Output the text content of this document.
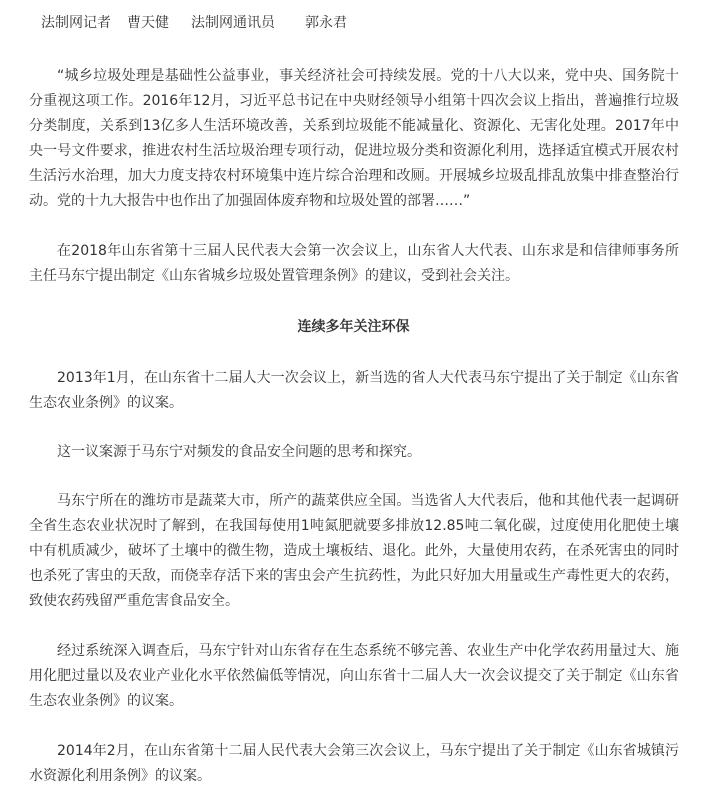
法制网记者 曹天健 法制网通讯员 郭永君

“城乡垃圾处理是基础性公益事业，事关经济社会可持续发展。党的十八大以来，党中央、国务院十分重视这项工作。2016年12月，习近平总书记在中央财经领导小组第十四次会议上指出，普遍推行垃圾分类制度，关系到13亿多人生活环境改善，关系到垃圾能不能减量化、资源化、无害化处理。2017年中央一号文件要求，推进农村生活垃圾治理专项行动，促进垃圾分类和资源化利用，选择适宜模式开展农村生活污水治理，加大力度支持农村环境集中连片综合治理和改厕。开展城乡垃圾乱排乱放集中排查整治行动。党的十九大报告中也作出了加强固体废弃物和垃圾处置的部署……”

在2018年山东省第十三届人民代表大会第一次会议上，山东省人大代表、山东求是和信律师事务所主任马东宁提出制定《山东省城乡垃圾处置管理条例》的建议，受到社会关注。

连续多年关注环保

2013年1月，在山东省十二届人大一次会议上，新当选的省人大代表马东宁提出了关于制定《山东省生态农业条例》的议案。

这一议案源于马东宁对频发的食品安全问题的思考和探究。

马东宁所在的潍坊市是蔬菜大市，所产的蔬菜供应全国。当选省人大代表后，他和其他代表一起调研全省生态农业状况时了解到，在我国每使用1吨氮肥就要多排放12.85吨二氧化碳，过度使用化肥使土壤中有机质减少，破坏了土壤中的微生物，造成土壤板结、退化。此外，大量使用农药，在杀死害虫的同时也杀死了害虫的天敌，而侥幸存活下来的害虫会产生抗药性，为此只好加大用量或生产毒性更大的农药，致使农药残留严重危害食品安全。

经过系统深入调查后，马东宁针对山东省存在生态系统不够完善、农业生产中化学农药用量过大、施用化肥过量以及农业产业化水平依然偏低等情况，向山东省十二届人大一次会议提交了关于制定《山东省生态农业条例》的议案。

2014年2月，在山东省第十二届人民代表大会第三次会议上，马东宁提出了关于制定《山东省城镇污水资源化利用条例》的议案。
